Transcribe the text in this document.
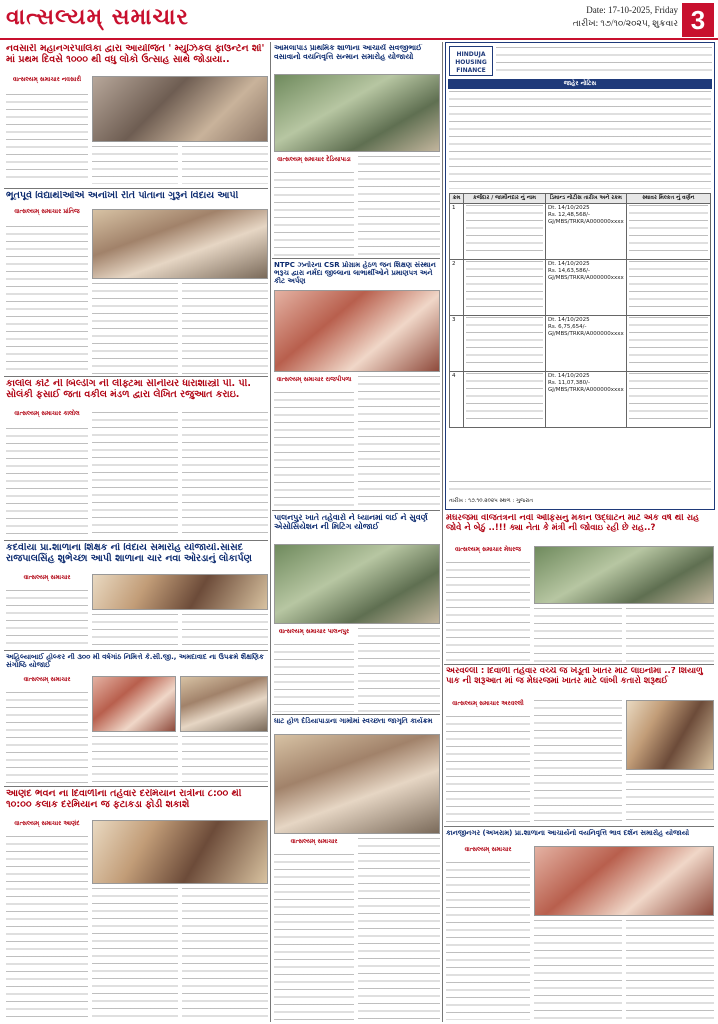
વાત્સલ્યમ્ સમાચાર	Date: 17-10-2025, Friday
તારીખ: ૧૭/૧૦/૨૦૨૫, શુક્રવાર 3
નવસારી મહાનગરપાલિકા દ્વારા આયોજિત ' મ્યુઝિકલ ફાઉન્ટેન શો' માં પ્રથમ દિવસે ૧૦૦૦ થી વધુ લોકો ઉત્સાહ સાથે જોડાયા..
વાત્સલ્યમ્ સમાચાર નવસારી
ભૂતપૂર્વ વિદ્યાર્થીઓએ અનોખી રીતે પોતાના ગુરૂને વિદાય આપી
વાત્સલ્યમ્ સમાચાર પ્રાંતિજ
કાલોલ કોર્ટ ની બિલ્ડીંગ ની લીફ્ટમા સીનીયર ધારાશાસ્ત્રી પી. પી. સોલંકી ફસાઈ જતા વકીલ મંડળ દ્વારા લેખિત રજુઆત કરાઇ.
વાત્સલ્યમ્ સમાચાર કાલોલ
કદવીયા પ્રા.શાળાના શિક્ષક નો વિદાય સમારોહ યોજાયો.સાંસદ રાજપાલસિંહ શુભેચ્છા આપી શાળાના ચાર નવા ઓરડાનું લોકાર્પણ
વાત્સલ્યમ્ સમાચાર
અહિલ્યાબાઈ હોલ્કર ની ૩૦૦ મી વર્ષગાંઠ નિમિત્તે કે.સી.જી., અમદાવાદ ના ઉપક્રમે શૈક્ષણિક સંગોષ્ઠિ યોજાઈ
વાત્સલ્યમ્ સમાચાર
આણંદ ભવન ના દિવાળીના તહેવાર દરમિયાન રાત્રીના ૮:૦૦ થી ૧૦:૦૦ કલાક દરમિયાન જ ફટાકડા ફોડી શકાશે
વાત્સલ્યમ્ સમાચાર આણંદ
આમલાપાડ પ્રાથમિક શાળાના આચાર્ય સવજીભાઈ વસાવાનો વયનિવૃત્તિ સન્માન સમારોહ યોજાયો
વાત્સલ્યમ્ સમાચાર દેડિયાપાડા
NTPC ઝનોરના CSR પ્રોગ્રામ હેઠળ જન શિક્ષણ સંસ્થાન ભરૂચ દ્વારા નર્મદા જીલ્લાના લાભાર્થીઓને પ્રમાણપત્ર અને કીટ અર્પણ
વાત્સલ્યમ્ સમાચાર રાજપીપળા
પાલનપુર ખાતે તહેવારો ને ધ્યાનમાં લઈ ને સુવર્ણ એસોસિયેશન ની મિટિંગ યોજાઈ
વાત્સલ્યમ્ સમાચાર પાલનપુર
ઘાટ હોળ દેડિયાપાડાના ગામોમાં સ્વચ્છતા જાગૃતિ કાર્યક્રમ
વાત્સલ્યમ્ સમાચાર
HINDUJA HOUSING FINANCE
જાહેર નોટિસ
ક્રમ	કર્જદાર / જામીનદાર નું નામ	ડિમાન્ડ નોટીસ તારીખ અને રકમ	સ્થાવર મિલ્કત નું વર્ણન
1		Dt. 14/10/2025
Rs. 12,48,568/-
GJ/MBS/TRKR/A000000xxxx	

2		Dt. 14/10/2025
Rs. 14,63,586/-
GJ/MBS/TRKR/A000000xxxx	

3		Dt. 14/10/2025
Rs. 6,75,654/-
GJ/MBS/TRKR/A000000xxxx	

4		Dt. 14/10/2025
Rs. 11,07,380/-
GJ/MBS/TRKR/A000000xxxx	

તારીખ : ૧૭.૧૦.૨૦૨૫ સ્થળ : ગુજરાત
મેઘરજમાં વીજતંત્રની નવી ઓફિસનું મકાન ઉદ્ઘાટન માટે એક વર્ષ થી રાહ જોવે ને બેઠું ..!!! ક્યા નેતા કે મંત્રી ની જોવાઇ રહી છે રાહ..?
વાત્સલ્યમ્ સમાચાર મેઘરજ
અરવલ્લી : દિવાળી તહેવાર વચ્ચે જ ખેડૂતો ખાતર માટે લાઇનોમાં ..? શિયાળુ પાક ની શરૂઆત માં જ મેઘરજમાં ખાતર માટે લાંબી કતારો શરૂથઈ
વાત્સલ્યમ્ સમાચાર અરવલ્લી
કાનજીનગર (અખરામ) પ્રા.શાળાના આચાર્યનો વયનિવૃત્તિ ભાવ દર્શન સમારોહ યોજાયો
વાત્સલ્યમ્ સમાચાર
